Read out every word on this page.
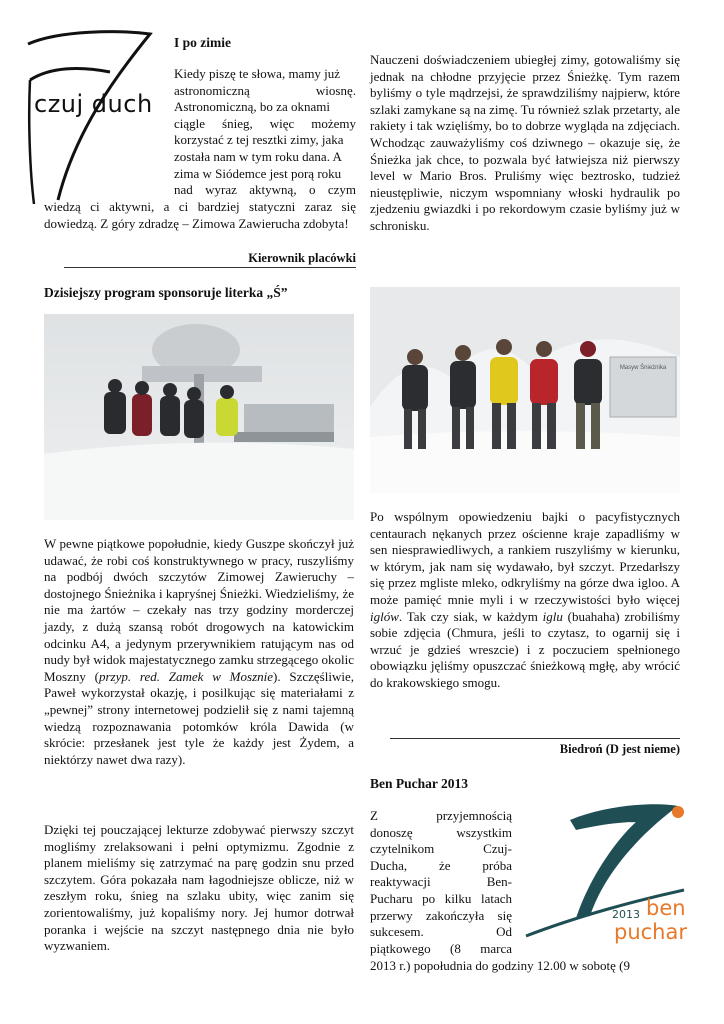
czuj duch
I po zimie
Kiedy piszę te słowa, mamy już
astronomiczną wiosnę.
Astronomiczną, bo za oknami
ciągle śnieg, więc możemy
korzystać z tej resztki zimy, jaka
została nam w tym roku dana. A
zima w Siódemce jest porą roku
nad wyraz aktywną, o czym

wiedzą ci aktywni, a ci bardziej statyczni zaraz się dowiedzą. Z góry zdradzę – Zimowa Zawierucha zdobyta!

Kierownik placówki
Dzisiejszy program sponsoruje literka „Ś”

W pewne piątkowe popołudnie, kiedy Guszpe skończył już udawać, że robi coś konstruktywnego w pracy, ruszyliśmy na podbój dwóch szczytów Zimowej Zawieruchy – dostojnego Śnieżnika i kapryśnej Śnieżki. Wiedzieliśmy, że nie ma żartów – czekały nas trzy godziny morderczej jazdy, z dużą szansą robót drogowych na katowickim odcinku A4, a jedynym przerywnikiem ratującym nas od nudy był widok majestatycznego zamku strzegącego okolic Moszny (przyp. red. Zamek w Mosznie). Szczęśliwie, Paweł wykorzystał okazję, i posilkując się materiałami z „pewnej” strony internetowej podzielił się z nami tajemną wiedzą rozpoznawania potomków króla Dawida (w skrócie: przesłanek jest tyle że każdy jest Żydem, a niektórzy nawet dwa razy).

Dzięki tej pouczającej lekturze zdobywać pierwszy szczyt mogliśmy zrelaksowani i pełni optymizmu. Zgodnie z planem mieliśmy się zatrzymać na parę godzin snu przed szczytem. Góra pokazała nam łagodniejsze oblicze, niż w zeszłym roku, śnieg na szlaku ubity, więc zanim się zorientowaliśmy, już kopaliśmy nory. Jej humor dotrwał poranka i wejście na szczyt następnego dnia nie było wyzwaniem.

Nauczeni doświadczeniem ubiegłej zimy, gotowaliśmy się jednak na chłodne przyjęcie przez Śnieżkę. Tym razem byliśmy o tyle mądrzejsi, że sprawdziliśmy najpierw, które szlaki zamykane są na zimę. Tu również szlak przetarty, ale rakiety i tak wzięliśmy, bo to dobrze wygląda na zdjęciach. Wchodząc zauważyliśmy coś dziwnego – okazuje się, że Śnieżka jak chce, to pozwala być łatwiejsza niż pierwszy level w Mario Bros. Pruliśmy więc beztrosko, tudzież nieustępliwie, niczym wspomniany włoski hydraulik po zjedzeniu gwiazdki i po rekordowym czasie byliśmy już w schronisku.

Masyw Śnieżnika

Po wspólnym opowiedzeniu bajki o pacyfistycznych centaurach nękanych przez ościenne kraje zapadliśmy w sen niesprawiedliwych, a rankiem ruszyliśmy w kierunku, w którym, jak nam się wydawało, był szczyt. Przedarłszy się przez mgliste mleko, odkryliśmy na górze dwa igloo. A może pamięć mnie myli i w rzeczywistości było więcej iglów. Tak czy siak, w każdym iglu (buahaha) zrobiliśmy sobie zdjęcia (Chmura, jeśli to czytasz, to ogarnij się i wrzuć je gdzieś wreszcie) i z poczuciem spełnionego obowiązku jęliśmy opuszczać śnieżkową mgłę, aby wrócić do krakowskiego smogu.

Biedroń (D jest nieme)
Ben Puchar 2013
Z przyjemnością
donoszę wszystkim
czytelnikom Czuj-
Ducha, że próba
reaktywacji Ben-
Pucharu po kilku latach
przerwy zakończyła się
sukcesem. Od
piątkowego (8 marca
2013 r.) popołudnia do godziny 12.00 w sobotę (9
2013 ben
puchar
